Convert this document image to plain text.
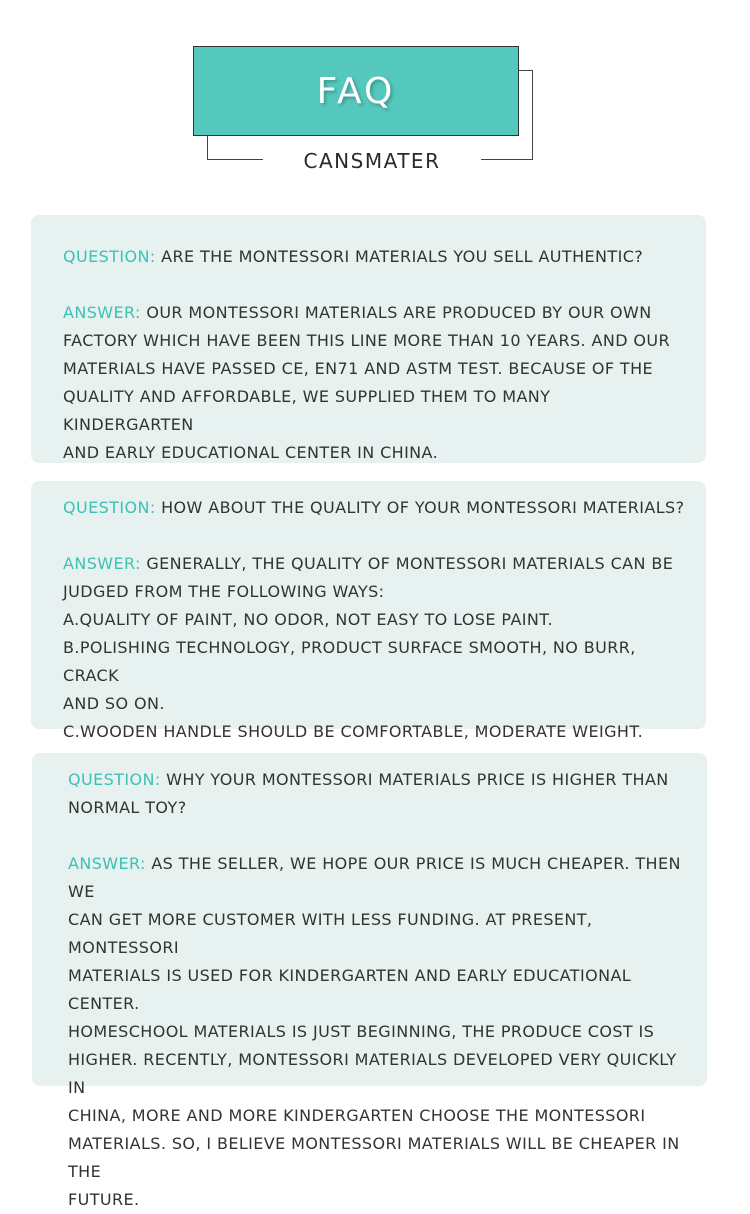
FAQ
CANSMATER

QUESTION: ARE THE MONTESSORI MATERIALS YOU SELL AUTHENTIC?

ANSWER: OUR MONTESSORI MATERIALS ARE PRODUCED BY OUR OWN

FACTORY WHICH HAVE BEEN THIS LINE MORE THAN 10 YEARS. AND OUR

MATERIALS HAVE PASSED CE, EN71 AND ASTM TEST. BECAUSE OF THE

QUALITY AND AFFORDABLE, WE SUPPLIED THEM TO MANY KINDERGARTEN

AND EARLY EDUCATIONAL CENTER IN CHINA.

QUESTION: HOW ABOUT THE QUALITY OF YOUR MONTESSORI MATERIALS?

ANSWER: GENERALLY, THE QUALITY OF MONTESSORI MATERIALS CAN BE

JUDGED FROM THE FOLLOWING WAYS:

A.QUALITY OF PAINT, NO ODOR, NOT EASY TO LOSE PAINT.

B.POLISHING TECHNOLOGY, PRODUCT SURFACE SMOOTH, NO BURR, CRACK

AND SO ON.

C.WOODEN HANDLE SHOULD BE COMFORTABLE, MODERATE WEIGHT.

QUESTION: WHY YOUR MONTESSORI MATERIALS PRICE IS HIGHER THAN

NORMAL TOY?

ANSWER: AS THE SELLER, WE HOPE OUR PRICE IS MUCH CHEAPER. THEN WE

CAN GET MORE CUSTOMER WITH LESS FUNDING. AT PRESENT, MONTESSORI

MATERIALS IS USED FOR KINDERGARTEN AND EARLY EDUCATIONAL CENTER.

HOMESCHOOL MATERIALS IS JUST BEGINNING, THE PRODUCE COST IS

HIGHER. RECENTLY, MONTESSORI MATERIALS DEVELOPED VERY QUICKLY IN

CHINA, MORE AND MORE KINDERGARTEN CHOOSE THE MONTESSORI

MATERIALS. SO, I BELIEVE MONTESSORI MATERIALS WILL BE CHEAPER IN THE

FUTURE.
